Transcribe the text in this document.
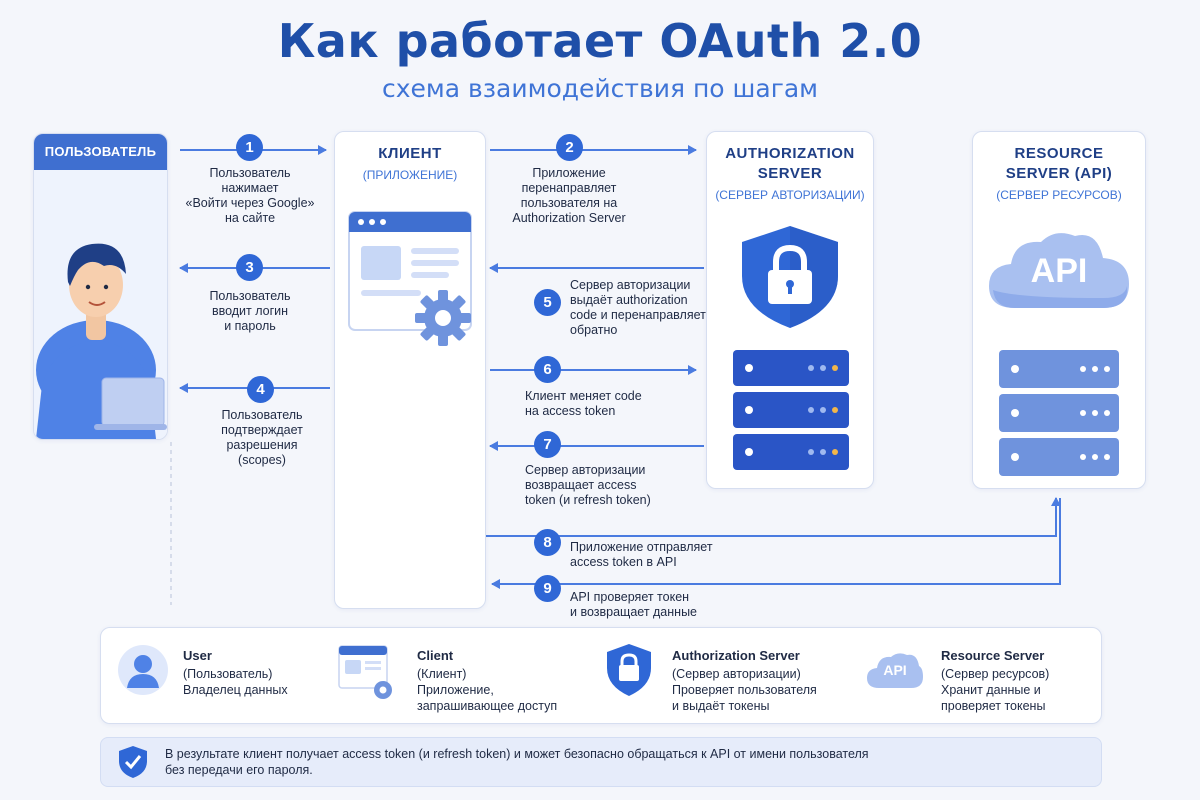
Как работает OAuth 2.0
схема взаимодействия по шагам
ПОЛЬЗОВАТЕЛЬ	КЛИЕНТ
(ПРИЛОЖЕНИЕ)
AUTHORIZATION
SERVER
(СЕРВЕР АВТОРИЗАЦИИ)
RESOURCE
SERVER (API)
(СЕРВЕР РЕСУРСОВ)
API
1
Пользователь
нажимает
«Войти через Google»
на сайте
2
Приложение
перенаправляет
пользователя на
Authorization Server
3
Пользователь
вводит логин
и пароль
4
Пользователь
подтверждает
разрешения
(scopes)
5
Сервер авторизации
выдаёт authorization
code и перенаправляет
обратно
6
Клиент меняет code
на access token
7
Сервер авторизации
возвращает access
token (и refresh token)
8	Приложение отправляет
access token в API
9	API проверяет токен
и возвращает данные
User
(Пользователь)
Владелец данных
Client
(Клиент)
Приложение,
запрашивающее доступ
Authorization Server
(Сервер авторизации)
Проверяет пользователя
и выдаёт токены
API
Resource Server
(Сервер ресурсов)
Хранит данные и
проверяет токены
В результате клиент получает access token (и refresh token) и может безопасно обращаться к API от имени пользователя
без передачи его пароля.
